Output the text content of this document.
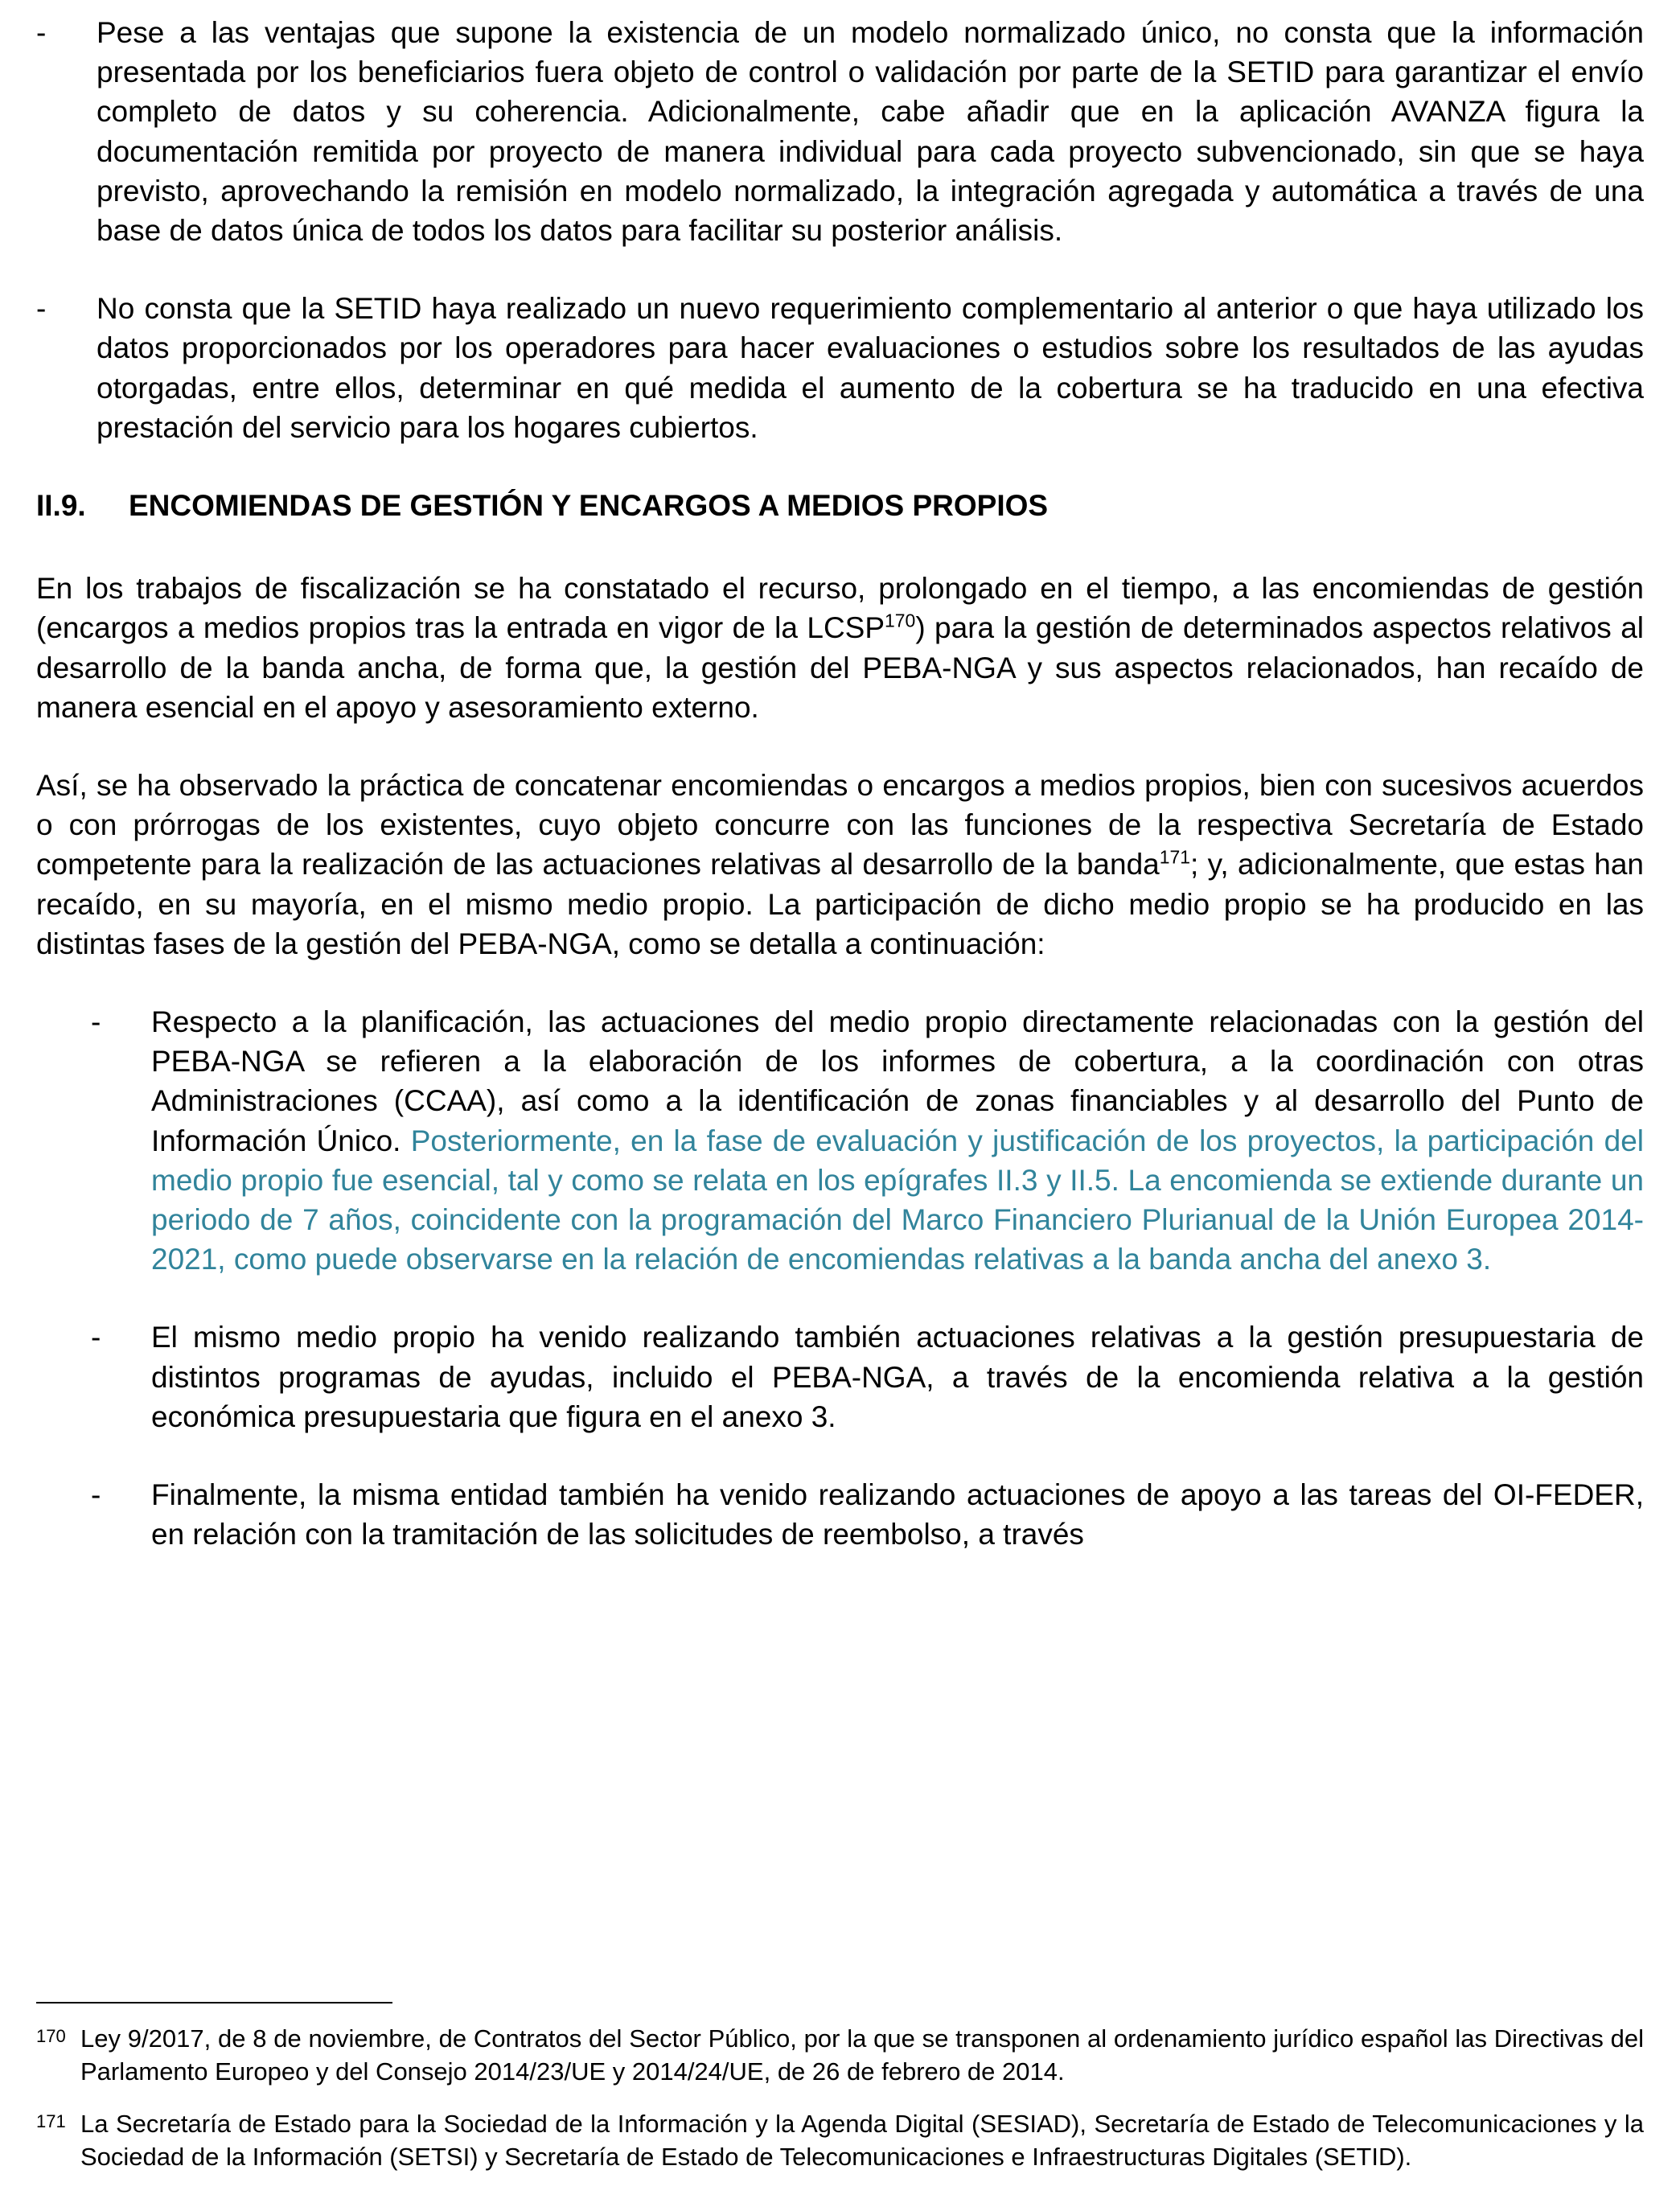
-	Pese a las ventajas que supone la existencia de un modelo normalizado único, no consta que la información presentada por los beneficiarios fuera objeto de control o validación por parte de la SETID para garantizar el envío completo de datos y su coherencia. Adicionalmente, cabe añadir que en la aplicación AVANZA figura la documentación remitida por proyecto de manera individual para cada proyecto subvencionado, sin que se haya previsto, aprovechando la remisión en modelo normalizado, la integración agregada y automática a través de una base de datos única de todos los datos para facilitar su posterior análisis.
-	No consta que la SETID haya realizado un nuevo requerimiento complementario al anterior o que haya utilizado los datos proporcionados por los operadores para hacer evaluaciones o estudios sobre los resultados de las ayudas otorgadas, entre ellos, determinar en qué medida el aumento de la cobertura se ha traducido en una efectiva prestación del servicio para los hogares cubiertos.
II.9.	ENCOMIENDAS DE GESTIÓN Y ENCARGOS A MEDIOS PROPIOS

En los trabajos de fiscalización se ha constatado el recurso, prolongado en el tiempo, a las encomiendas de gestión (encargos a medios propios tras la entrada en vigor de la LCSP$^{170}$) para la gestión de determinados aspectos relativos al desarrollo de la banda ancha, de forma que, la gestión del PEBA-NGA y sus aspectos relacionados, han recaído de manera esencial en el apoyo y asesoramiento externo.

Así, se ha observado la práctica de concatenar encomiendas o encargos a medios propios, bien con sucesivos acuerdos o con prórrogas de los existentes, cuyo objeto concurre con las funciones de la respectiva Secretaría de Estado competente para la realización de las actuaciones relativas al desarrollo de la banda$^{171}$; y, adicionalmente, que estas han recaído, en su mayoría, en el mismo medio propio. La participación de dicho medio propio se ha producido en las distintas fases de la gestión del PEBA-NGA, como se detalla a continuación:

-	Respecto a la planificación, las actuaciones del medio propio directamente relacionadas con la gestión del PEBA-NGA se refieren a la elaboración de los informes de cobertura, a la coordinación con otras Administraciones (CCAA), así como a la identificación de zonas financiables y al desarrollo del Punto de Información Único. Posteriormente, en la fase de evaluación y justificación de los proyectos, la participación del medio propio fue esencial, tal y como se relata en los epígrafes II.3 y II.5. La encomienda se extiende durante un periodo de 7 años, coincidente con la programación del Marco Financiero Plurianual de la Unión Europea 2014-2021, como puede observarse en la relación de encomiendas relativas a la banda ancha del anexo 3.
-	El mismo medio propio ha venido realizando también actuaciones relativas a la gestión presupuestaria de distintos programas de ayudas, incluido el PEBA-NGA, a través de la encomienda relativa a la gestión económica presupuestaria que figura en el anexo 3.
-	Finalmente, la misma entidad también ha venido realizando actuaciones de apoyo a las tareas del OI-FEDER, en relación con la tramitación de las solicitudes de reembolso, a través
170 Ley 9/2017, de 8 de noviembre, de Contratos del Sector Público, por la que se transponen al ordenamiento jurídico español las Directivas del Parlamento Europeo y del Consejo 2014/23/UE y 2014/24/UE, de 26 de febrero de 2014.
171 La Secretaría de Estado para la Sociedad de la Información y la Agenda Digital (SESIAD), Secretaría de Estado de Telecomunicaciones y la Sociedad de la Información (SETSI) y Secretaría de Estado de Telecomunicaciones e Infraestructuras Digitales (SETID).
